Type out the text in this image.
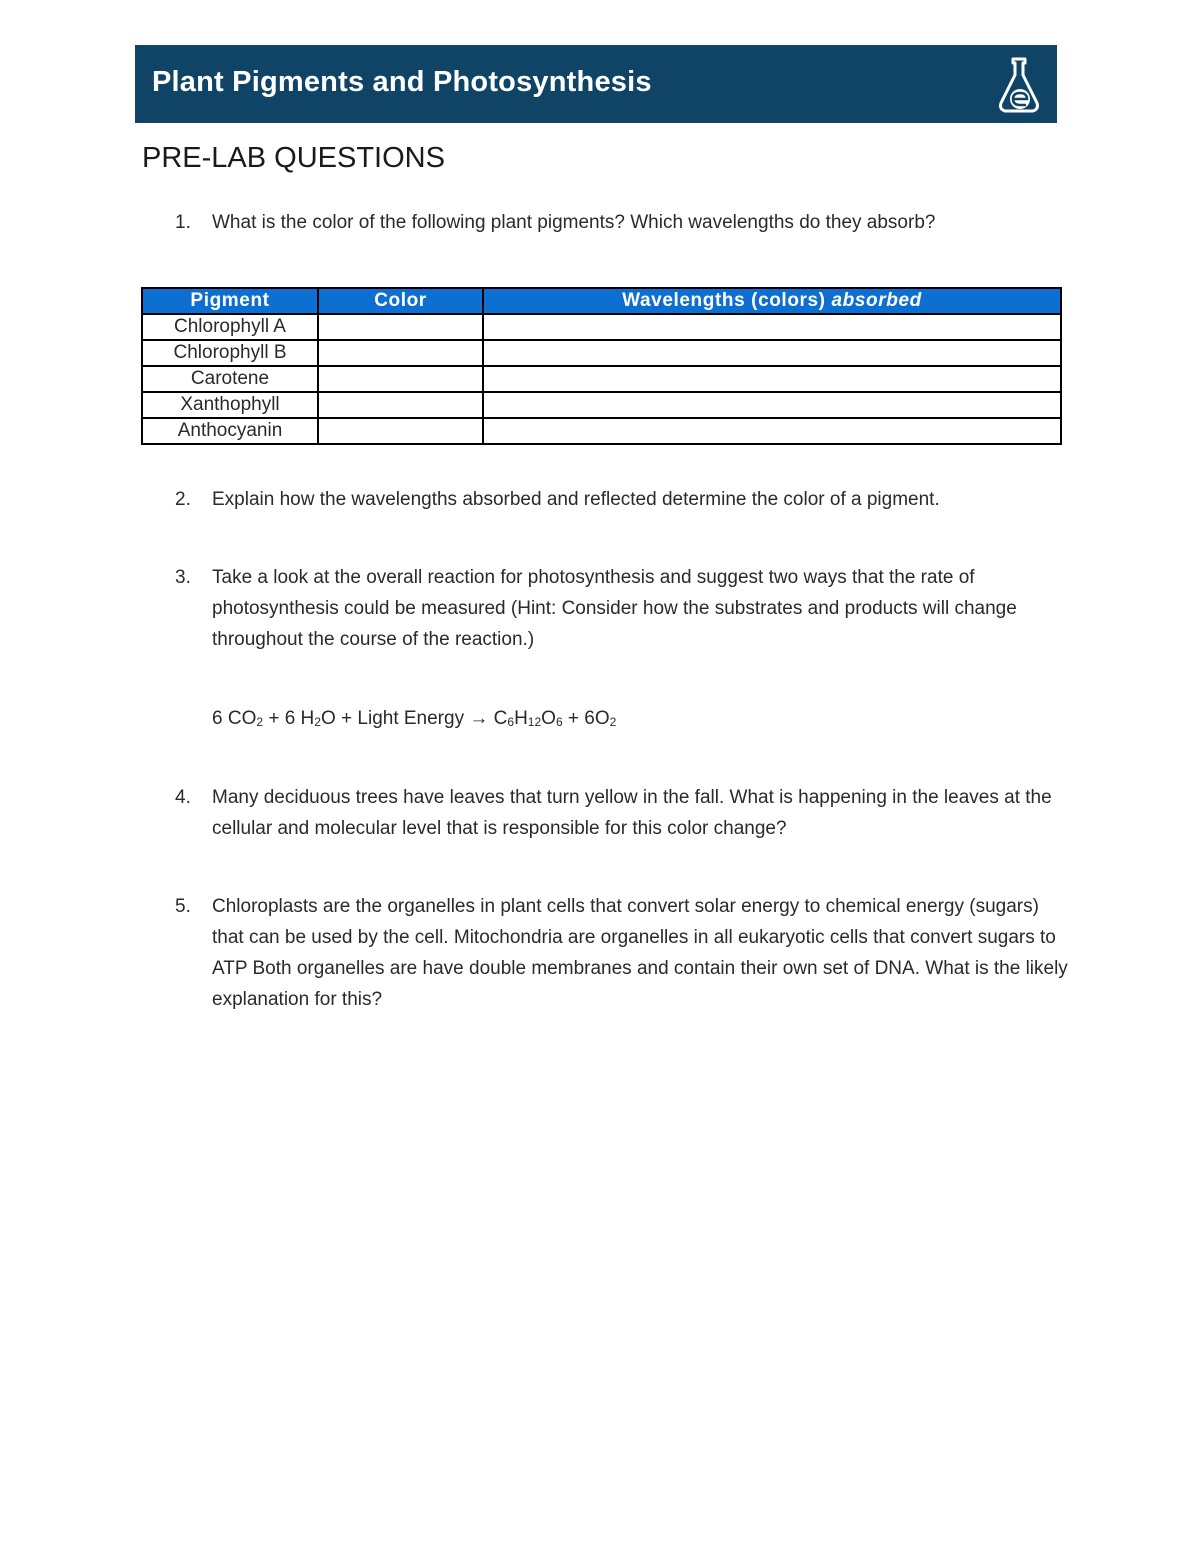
Plant Pigments and Photosynthesis
PRE-LAB QUESTIONS
1.	What is the color of the following plant pigments? Which wavelengths do they absorb?
Pigment	Color	Wavelengths (colors) absorbed
Chlorophyll A		
Chlorophyll B		
Carotene		
Xanthophyll		
Anthocyanin		
2.	Explain how the wavelengths absorbed and reflected determine the color of a pigment.
3.	Take a look at the overall reaction for photosynthesis and suggest two ways that the rate of photosynthesis could be measured (Hint: Consider how the substrates and products will change throughout the course of the reaction.)
6 $CO_2 + 6$ $H_2O$ + Light Energy → $C_6H_{12}O_6 + 6O_2$
4.	Many deciduous trees have leaves that turn yellow in the fall. What is happening in the leaves at the cellular and molecular level that is responsible for this color change?
5.	Chloroplasts are the organelles in plant cells that convert solar energy to chemical energy (sugars) that can be used by the cell. Mitochondria are organelles in all eukaryotic cells that convert sugars to ATP Both organelles are have double membranes and contain their own set of DNA. What is the likely explanation for this?
